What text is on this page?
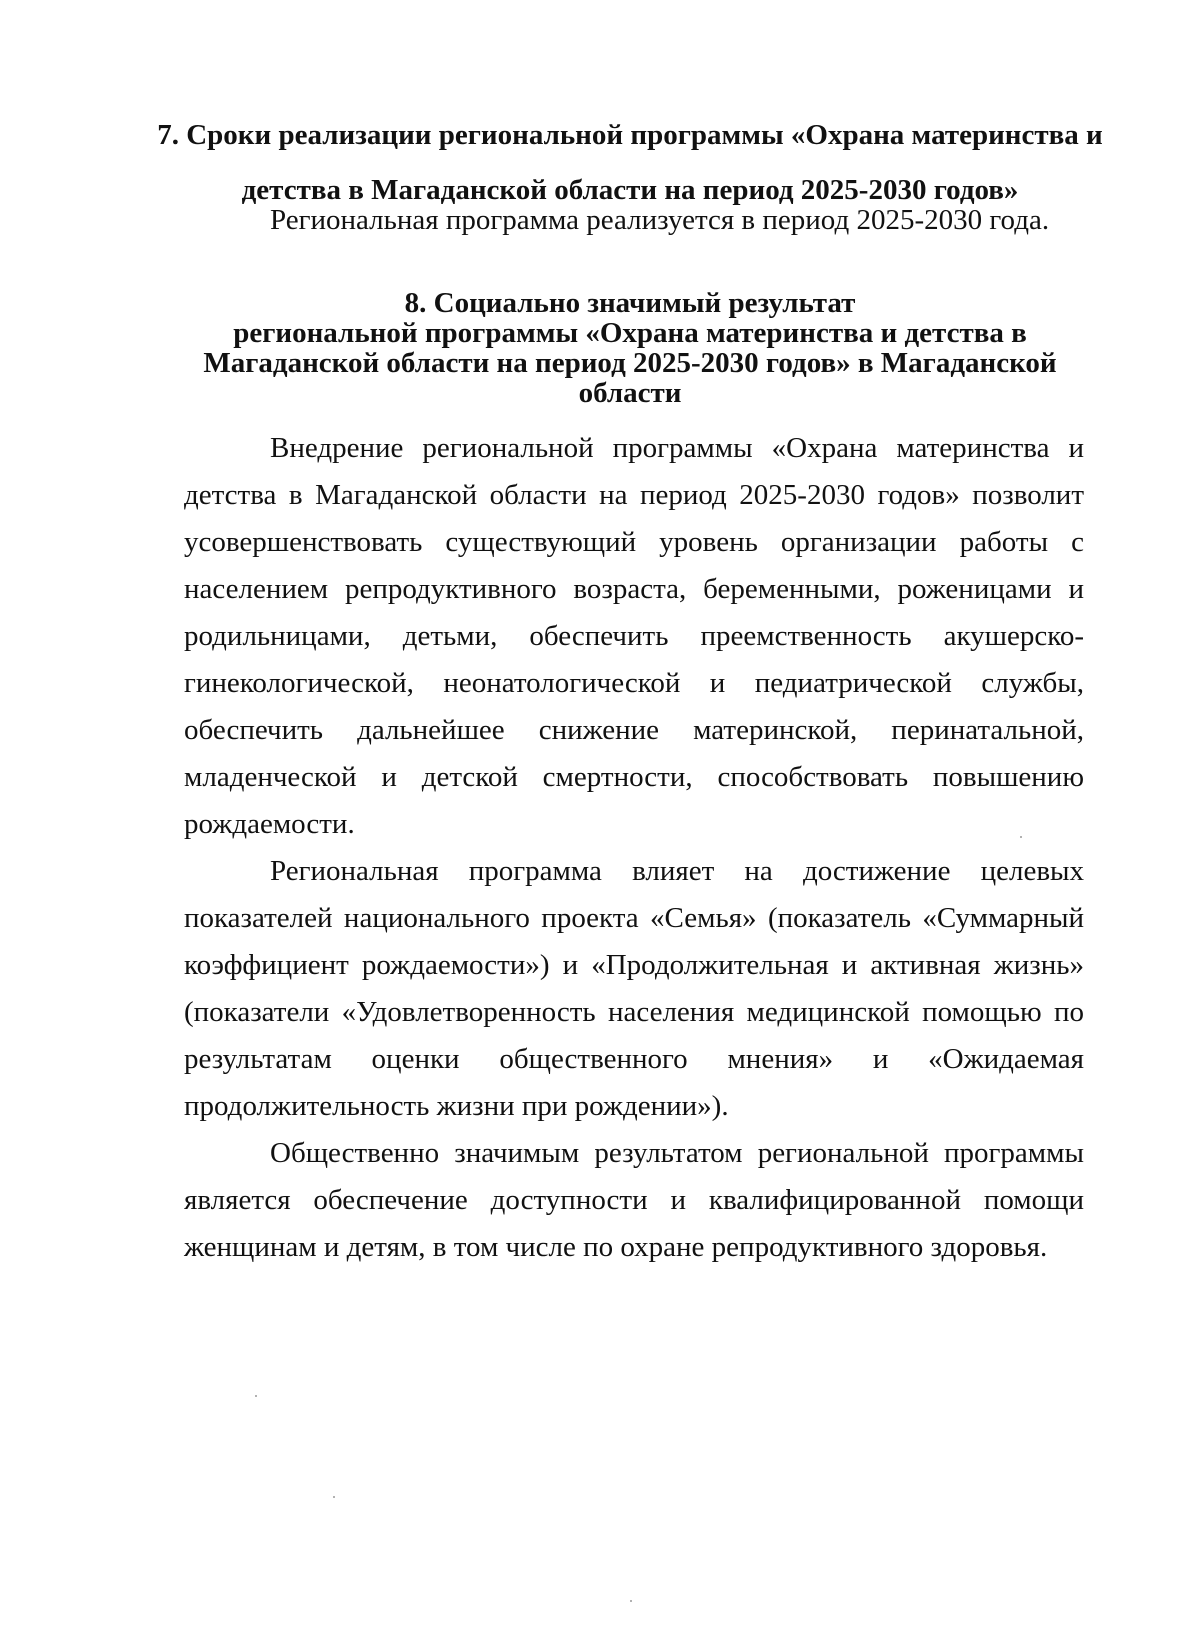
7. Сроки реализации региональной программы «Охрана материнства и детства в Магаданской области на период 2025-2030 годов»

Региональная программа реализуется в период 2025-2030 года.

8. Социально значимый результат
региональной программы «Охрана материнства и детства в
Магаданской области на период 2025-2030 годов» в Магаданской
области

Внедрение региональной программы «Охрана материнства и

детства в Магаданской области на период 2025-2030 годов» позволит

усовершенствовать существующий уровень организации работы с

населением репродуктивного возраста, беременными, роженицами и

родильницами, детьми, обеспечить преемственность акушерско-

гинекологической, неонатологической и педиатрической службы,

обеспечить дальнейшее снижение материнской, перинатальной,

младенческой и детской смертности, способствовать повышению

рождаемости.

Региональная программа влияет на достижение целевых

показателей национального проекта «Семья» (показатель «Суммарный

коэффициент рождаемости») и «Продолжительная и активная жизнь»

(показатели «Удовлетворенность населения медицинской помощью по

результатам оценки общественного мнения» и «Ожидаемая

продолжительность жизни при рождении»).

Общественно значимым результатом региональной программы

является обеспечение доступности и квалифицированной помощи

женщинам и детям, в том числе по охране репродуктивного здоровья.
